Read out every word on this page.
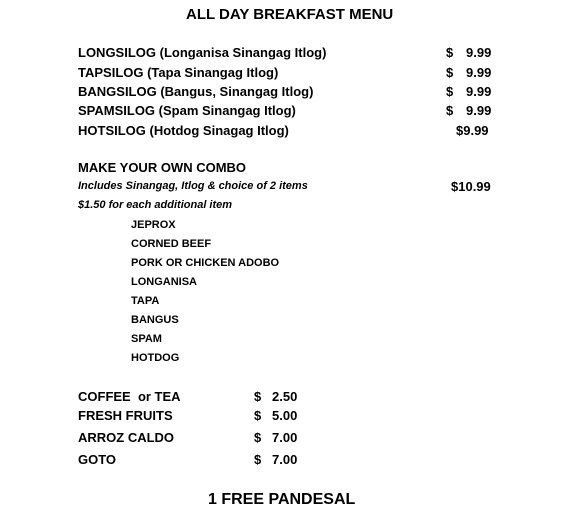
ALL DAY BREAKFAST MENU
LONGSILOG (Longanisa Sinangag Itlog)	$ 9.99
TAPSILOG (Tapa Sinangag Itlog)	$ 9.99
BANGSILOG (Bangus, Sinangag Itlog)	$ 9.99
SPAMSILOG (Spam Sinangag Itlog)	$ 9.99
HOTSILOG (Hotdog Sinagag Itlog)	$9.99
MAKE YOUR OWN COMBO
Includes Sinangag, Itlog & choice of 2 items	$10.99
$1.50 for each additional item
JEPROX
CORNED BEEF
PORK OR CHICKEN ADOBO
LONGANISA
TAPA
BANGUS
SPAM
HOTDOG
COFFEE  or TEA	$ 2.50
FRESH FRUITS	$ 5.00
ARROZ CALDO	$ 7.00
GOTO	$ 7.00
1 FREE PANDESAL
